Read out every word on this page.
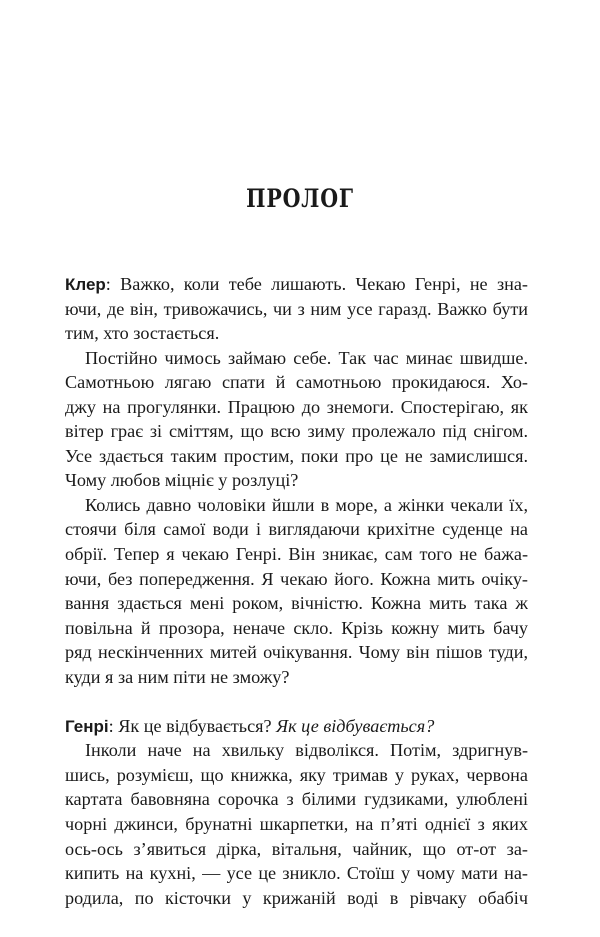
ПРОЛОГ
Клер: Важко, коли тебе лишають. Чекаю Генрі, не зна-
ючи, де він, тривожачись, чи з ним усе гаразд. Важко бути
тим, хто зостається.
Постійно чимось займаю себе. Так час минає швидше.
Самотньою лягаю спати й самотньою прокидаюся. Хо-
джу на прогулянки. Працюю до знемоги. Спостерігаю, як
вітер грає зі сміттям, що всю зиму пролежало під снігом.
Усе здається таким простим, поки про це не замислишся.
Чому любов міцніє у розлуці?
Колись давно чоловіки йшли в море, а жінки чекали їх,
стоячи біля самої води і виглядаючи крихітне суденце на
обрії. Тепер я чекаю Генрі. Він зникає, сам того не бажа-
ючи, без попередження. Я чекаю його. Кожна мить очіку-
вання здається мені роком, вічністю. Кожна мить така ж
повільна й прозора, неначе скло. Крізь кожну мить бачу
ряд нескінченних митей очікування. Чому він пішов туди,
куди я за ним піти не зможу?
Генрі: Як це відбувається? Як це відбувається?
Інколи наче на хвильку відволікся. Потім, здригнув-
шись, розумієш, що книжка, яку тримав у руках, червона
картата бавовняна сорочка з білими гудзиками, улюблені
чорні джинси, брунатні шкарпетки, на п’яті однієї з яких
ось-ось з’явиться дірка, вітальня, чайник, що от-от за-
кипить на кухні, — усе це зникло. Стоїш у чому мати на-
родила, по кісточки у крижаній воді в рівчаку обабіч
